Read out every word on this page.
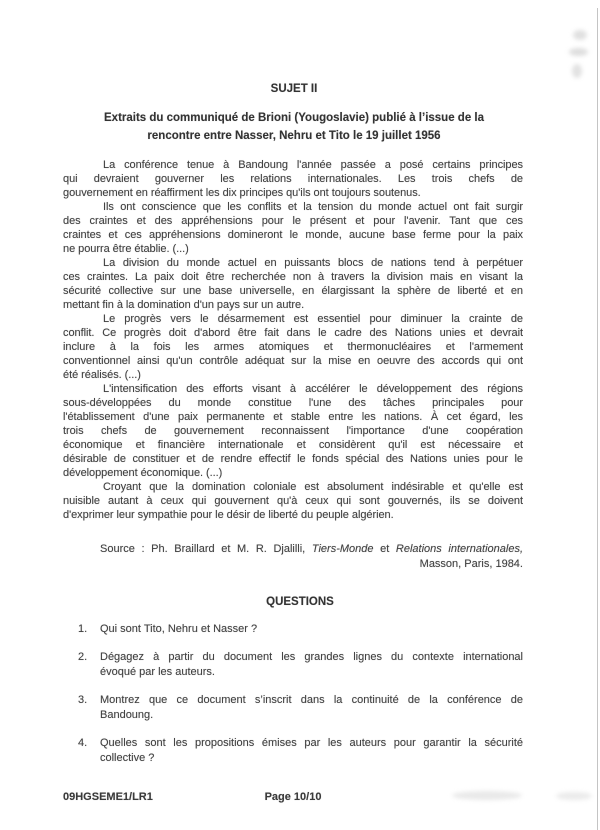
SUJET II
Extraits du communiqué de Brioni (Yougoslavie) publié à l’issue de la
rencontre entre Nasser, Nehru et Tito le 19 juillet 1956
La conférence tenue à Bandoung l'année passée a posé certains principes
qui devraient gouverner les relations internationales. Les trois chefs de
gouvernement en réaffirment les dix principes qu'ils ont toujours soutenus.
Ils ont conscience que les conflits et la tension du monde actuel ont fait surgir
des craintes et des appréhensions pour le présent et pour l'avenir. Tant que ces
craintes et ces appréhensions domineront le monde, aucune base ferme pour la paix
ne pourra être établie. (...)
La division du monde actuel en puissants blocs de nations tend à perpétuer
ces craintes. La paix doit être recherchée non à travers la division mais en visant la
sécurité collective sur une base universelle, en élargissant la sphère de liberté et en
mettant fin à la domination d'un pays sur un autre.
Le progrès vers le désarmement est essentiel pour diminuer la crainte de
conflit. Ce progrès doit d'abord être fait dans le cadre des Nations unies et devrait
inclure à la fois les armes atomiques et thermonucléaires et l'armement
conventionnel ainsi qu'un contrôle adéquat sur la mise en oeuvre des accords qui ont
été réalisés. (...)
L'intensification des efforts visant à accélérer le développement des régions
sous-développées du monde constitue l'une des tâches principales pour
l'établissement d'une paix permanente et stable entre les nations. À cet égard, les
trois chefs de gouvernement reconnaissent l'importance d'une coopération
économique et financière internationale et considèrent qu'il est nécessaire et
désirable de constituer et de rendre effectif le fonds spécial des Nations unies pour le
développement économique. (...)
Croyant que la domination coloniale est absolument indésirable et qu'elle est
nuisible autant à ceux qui gouvernent qu'à ceux qui sont gouvernés, ils se doivent
d'exprimer leur sympathie pour le désir de liberté du peuple algérien.
Source : Ph. Braillard et M. R. Djalilli, Tiers-Monde et Relations internationales,
Masson, Paris, 1984.
QUESTIONS
1. Qui sont Tito, Nehru et Nasser ?
2. Dégagez à partir du document les grandes lignes du contexte international
évoqué par les auteurs.
3. Montrez que ce document s’inscrit dans la continuité de la conférence de
Bandoung.
4. Quelles sont les propositions émises par les auteurs pour garantir la sécurité
collective ?
09HGSEME1/LR1	Page 10/10
